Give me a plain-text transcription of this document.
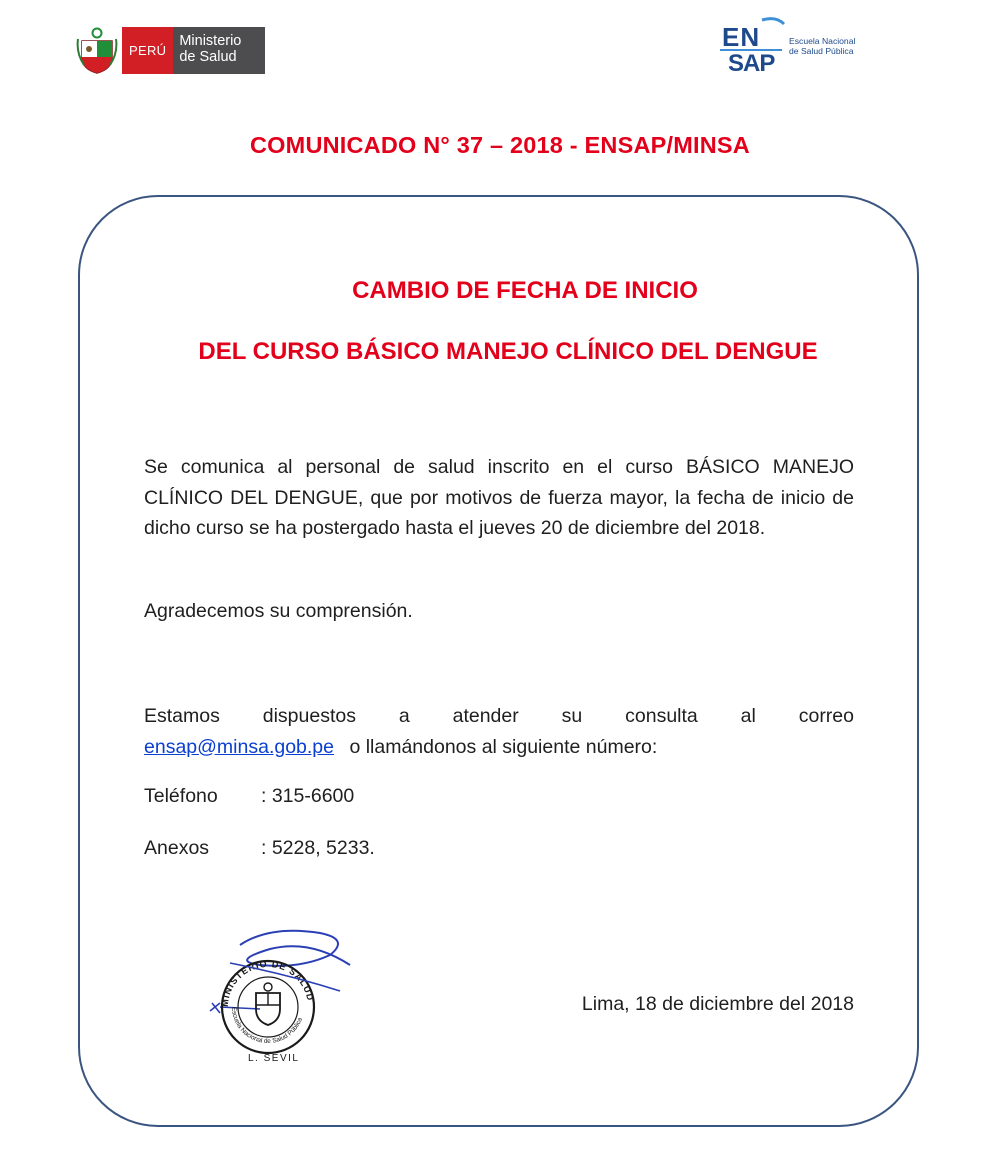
PERÚ
Ministerio
de Salud
EN
SAP
Escuela Nacional
de Salud Pública
COMUNICADO N° 37 – 2018 - ENSAP/MINSA
CAMBIO DE FECHA DE INICIO
DEL CURSO BÁSICO MANEJO CLÍNICO DEL DENGUE
Se comunica al personal de salud inscrito en el curso BÁSICO MANEJO CLÍNICO DEL DENGUE, que por motivos de fuerza mayor, la fecha de inicio de dicho curso se ha postergado hasta el jueves 20 de diciembre del 2018.
Agradecemos su comprensión.
Estamos dispuestos a atender su consulta al correo
ensap@minsa.gob.pe o llamándonos al siguiente número:
Teléfono : 315-6600
Anexos	: 5228, 5233.
MINISTERIO DE SALUD
Escuela Nacional de Salud Pública
L. SEVIL
Lima, 18 de diciembre del 2018
